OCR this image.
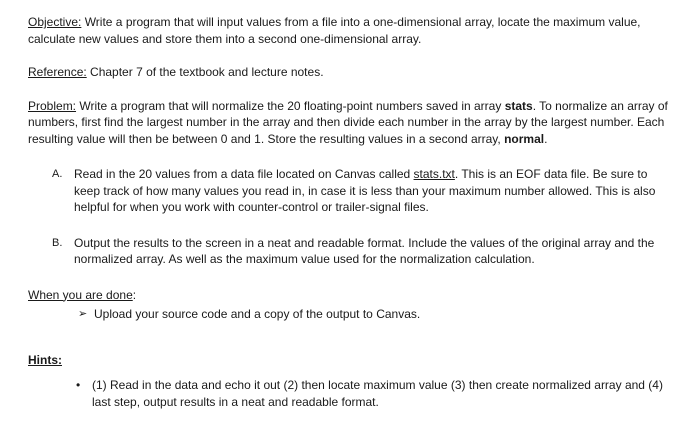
Objective: Write a program that will input values from a file into a one-dimensional array, locate the maximum value, calculate new values and store them into a second one-dimensional array.

Reference: Chapter 7 of the textbook and lecture notes.

Problem: Write a program that will normalize the 20 floating-point numbers saved in array stats. To normalize an array of numbers, first find the largest number in the array and then divide each number in the array by the largest number. Each resulting value will then be between 0 and 1. Store the resulting values in a second array, normal.

A. Read in the 20 values from a data file located on Canvas called stats.txt. This is an EOF data file. Be sure to keep track of how many values you read in, in case it is less than your maximum number allowed. This is also helpful for when you work with counter-control or trailer-signal files.
B. Output the results to the screen in a neat and readable format. Include the values of the original array and the normalized array. As well as the maximum value used for the normalization calculation.

When you are done:

➢ Upload your source code and a copy of the output to Canvas.

Hints:

• (1) Read in the data and echo it out (2) then locate maximum value (3) then create normalized array and (4) last step, output results in a neat and readable format.
